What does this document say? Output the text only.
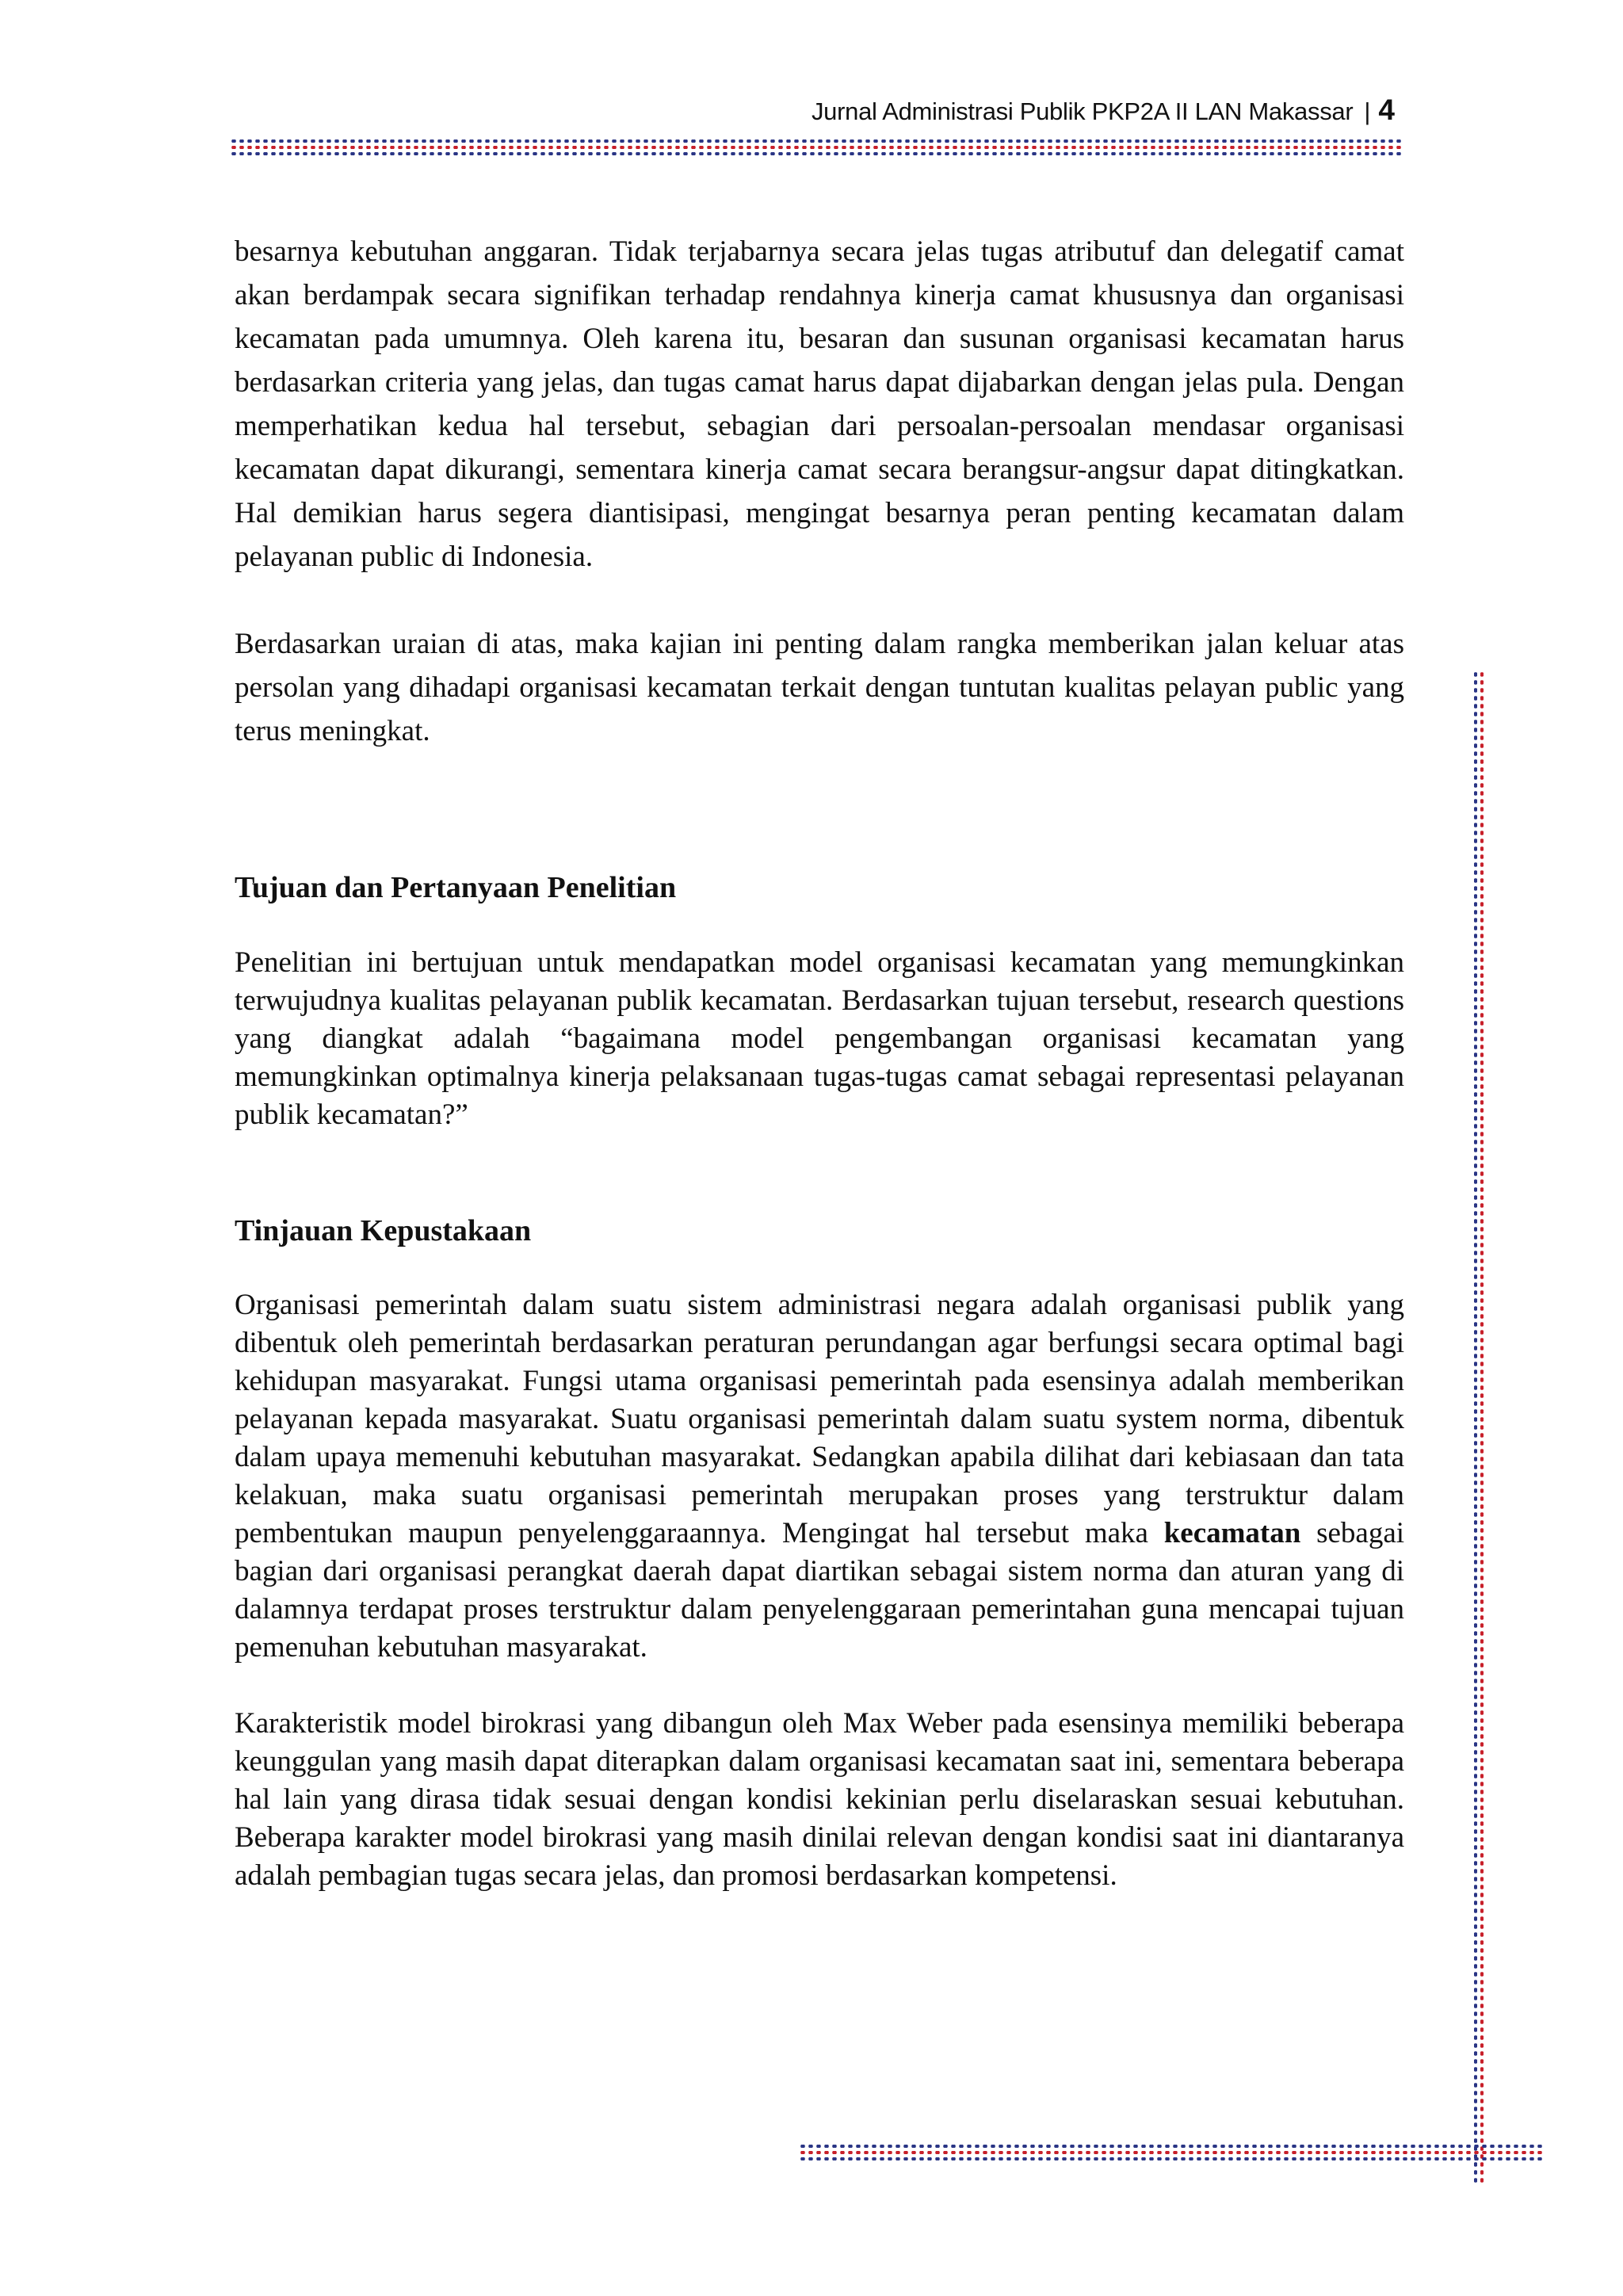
Jurnal Administrasi Publik PKP2A II LAN Makassar | 4

besarnya kebutuhan anggaran. Tidak terjabarnya secara jelas tugas atributuf dan delegatif camat akan berdampak secara signifikan terhadap rendahnya kinerja camat khususnya dan organisasi kecamatan pada umumnya. Oleh karena itu, besaran dan susunan organisasi kecamatan harus berdasarkan criteria yang jelas, dan tugas camat harus dapat dijabarkan dengan jelas pula. Dengan memperhatikan kedua hal tersebut, sebagian dari persoalan-persoalan mendasar organisasi kecamatan dapat dikurangi, sementara kinerja camat secara berangsur-angsur dapat ditingkatkan. Hal demikian harus segera diantisipasi, mengingat besarnya peran penting kecamatan dalam pelayanan public di Indonesia.

Berdasarkan uraian di atas, maka kajian ini penting dalam rangka memberikan jalan keluar atas persolan yang dihadapi organisasi kecamatan terkait dengan tuntutan kualitas pelayan public yang terus meningkat.

Tujuan dan Pertanyaan Penelitian

Penelitian ini bertujuan untuk mendapatkan model organisasi kecamatan yang memungkinkan terwujudnya kualitas pelayanan publik kecamatan. Berdasarkan tujuan tersebut, research questions yang diangkat adalah “bagaimana model pengembangan organisasi kecamatan yang memungkinkan optimalnya kinerja pelaksanaan tugas-tugas camat sebagai representasi pelayanan publik kecamatan?”

Tinjauan Kepustakaan

Organisasi pemerintah dalam suatu sistem administrasi negara adalah organisasi publik yang dibentuk oleh pemerintah berdasarkan peraturan perundangan agar berfungsi secara optimal bagi kehidupan masyarakat. Fungsi utama organisasi pemerintah pada esensinya adalah memberikan pelayanan kepada masyarakat. Suatu organisasi pemerintah dalam suatu system norma, dibentuk dalam upaya memenuhi kebutuhan masyarakat. Sedangkan apabila dilihat dari kebiasaan dan tata kelakuan, maka suatu organisasi pemerintah merupakan proses yang terstruktur dalam pembentukan maupun penyelenggaraannya. Mengingat hal tersebut maka kecamatan sebagai bagian dari organisasi perangkat daerah dapat diartikan sebagai sistem norma dan aturan yang di dalamnya terdapat proses terstruktur dalam penyelenggaraan pemerintahan guna mencapai tujuan pemenuhan kebutuhan masyarakat.

Karakteristik model birokrasi yang dibangun oleh Max Weber pada esensinya memiliki beberapa keunggulan yang masih dapat diterapkan dalam organisasi kecamatan saat ini, sementara beberapa hal lain yang dirasa tidak sesuai dengan kondisi kekinian perlu diselaraskan sesuai kebutuhan. Beberapa karakter model birokrasi yang masih dinilai relevan dengan kondisi saat ini diantaranya adalah pembagian tugas secara jelas, dan promosi berdasarkan kompetensi.
